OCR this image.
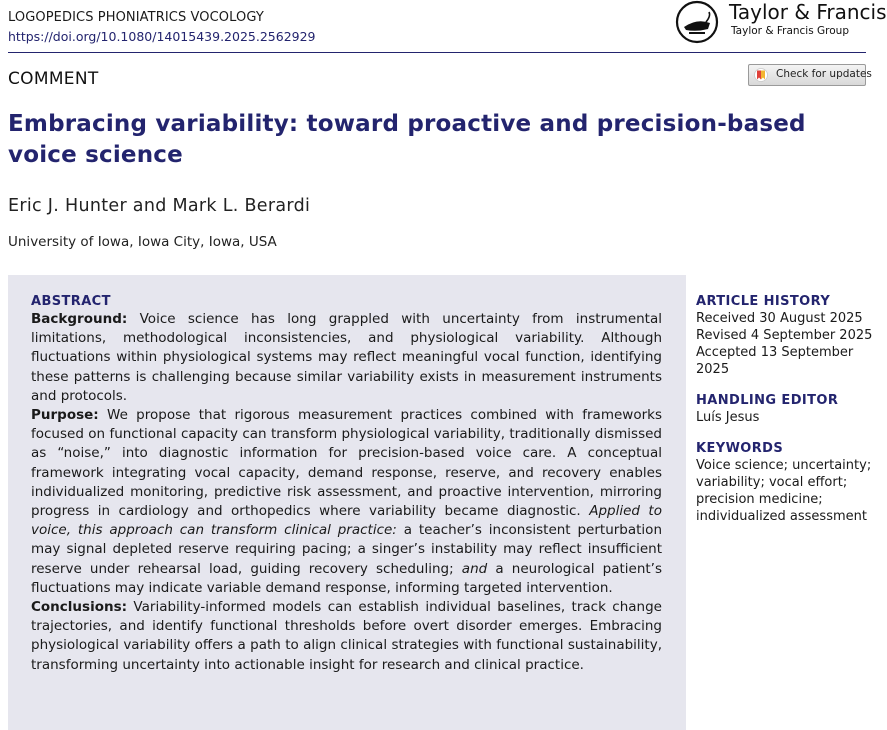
LOGOPEDICS PHONIATRICS VOCOLOGY
https://doi.org/10.1080/14015439.2025.2562929
Taylor & Francis
Taylor & Francis Group
COMMENT	Check for updates
Embracing variability: toward proactive and precision-based voice science
Eric J. Hunter and Mark L. Berardi
University of Iowa, Iowa City, Iowa, USA
ABSTRACT

Background: Voice science has long grappled with uncertainty from instrumental limitations, methodological inconsistencies, and physiological variability. Although fluctuations within physiological systems may reflect meaningful vocal function, identifying these patterns is challenging because similar variability exists in measurement instruments and protocols.

Purpose: We propose that rigorous measurement practices combined with frameworks focused on functional capacity can transform physiological variability, traditionally dismissed as “noise,” into diagnostic information for precision-based voice care. A conceptual framework integrating vocal capacity, demand response, reserve, and recovery enables individualized monitoring, predictive risk assessment, and proactive intervention, mirroring progress in cardiology and orthopedics where variability became diagnostic. Applied to voice, this approach can transform clinical practice: a teacher’s inconsistent perturbation may signal depleted reserve requiring pacing; a singer’s instability may reflect insufficient reserve under rehearsal load, guiding recovery scheduling; and a neurological patient’s fluctuations may indicate variable demand response, informing targeted intervention.

Conclusions: Variability-informed models can establish individual baselines, track change trajectories, and identify functional thresholds before overt disorder emerges. Embracing physiological variability offers a path to align clinical strategies with functional sustainability, transforming uncertainty into actionable insight for research and clinical practice.

ARTICLE HISTORY

Received 30 August 2025

Revised 4 September 2025

Accepted 13 September 2025

HANDLING EDITOR

Luís Jesus

KEYWORDS

Voice science; uncertainty; variability; vocal effort; precision medicine; individualized assessment
